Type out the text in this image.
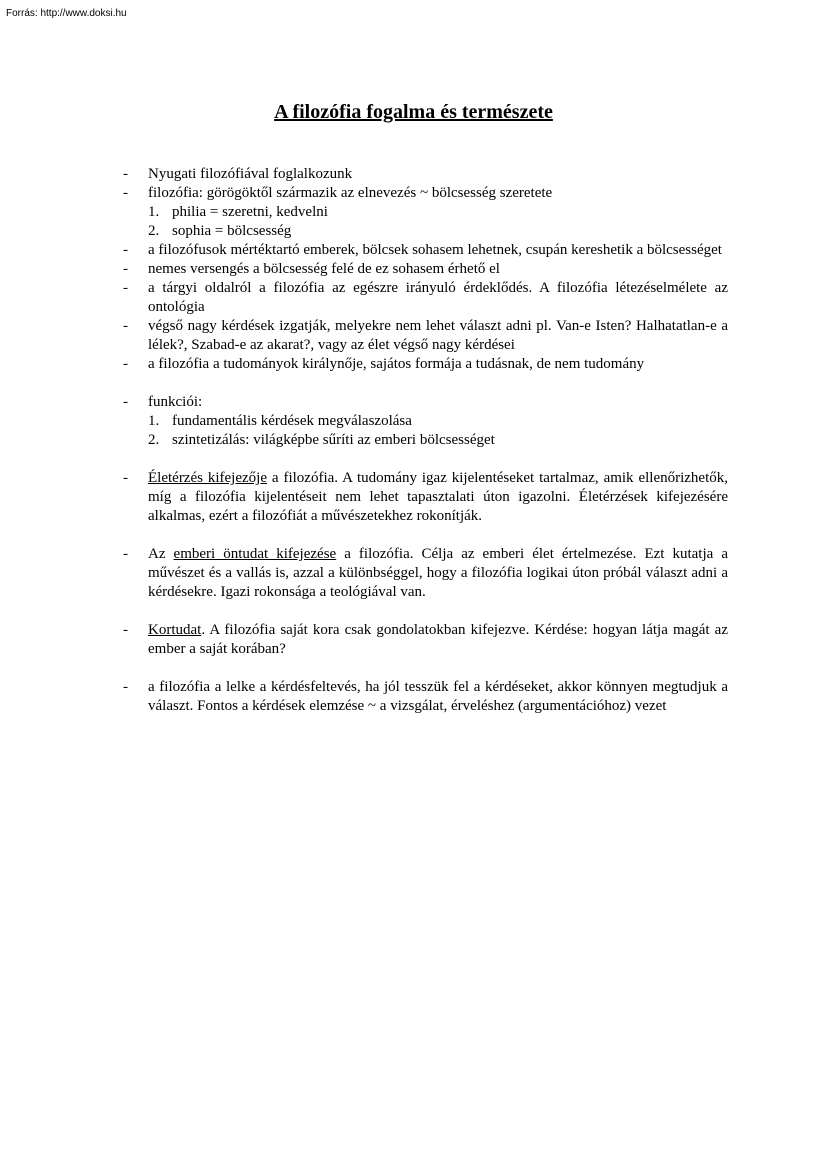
Forrás: http://www.doksi.hu
A filozófia fogalma és természete
- Nyugati filozófiával foglalkozunk
- filozófia: görögöktől származik az elnevezés ~ bölcsesség szeretete
1. philia = szeretni, kedvelni
2. sophia = bölcsesség
- a filozófusok mértéktartó emberek, bölcsek sohasem lehetnek, csupán kereshetik a bölcsességet
- nemes versengés a bölcsesség felé de ez sohasem érhető el
- a tárgyi oldalról a filozófia az egészre irányuló érdeklődés. A filozófia létezéselmélete az ontológia
- végső nagy kérdések izgatják, melyekre nem lehet választ adni pl. Van-e Isten? Halhatatlan-e a lélek?, Szabad-e az akarat?, vagy az élet végső nagy kérdései
- a filozófia a tudományok királynője, sajátos formája a tudásnak, de nem tudomány
- funkciói:
1. fundamentális kérdések megválaszolása
2. szintetizálás: világképbe sűríti az emberi bölcsességet
- Életérzés kifejezője a filozófia. A tudomány igaz kijelentéseket tartalmaz, amik ellenőrizhetők, míg a filozófia kijelentéseit nem lehet tapasztalati úton igazolni. Életérzések kifejezésére alkalmas, ezért a filozófiát a művészetekhez rokonítják.
- Az emberi öntudat kifejezése a filozófia. Célja az emberi élet értelmezése. Ezt kutatja a művészet és a vallás is, azzal a különbséggel, hogy a filozófia logikai úton próbál választ adni a kérdésekre. Igazi rokonsága a teológiával van.
- Kortudat. A filozófia saját kora csak gondolatokban kifejezve. Kérdése: hogyan látja magát az ember a saját korában?
- a filozófia a lelke a kérdésfeltevés, ha jól tesszük fel a kérdéseket, akkor könnyen megtudjuk a választ. Fontos a kérdések elemzése ~ a vizsgálat, érveléshez (argumentációhoz) vezet
